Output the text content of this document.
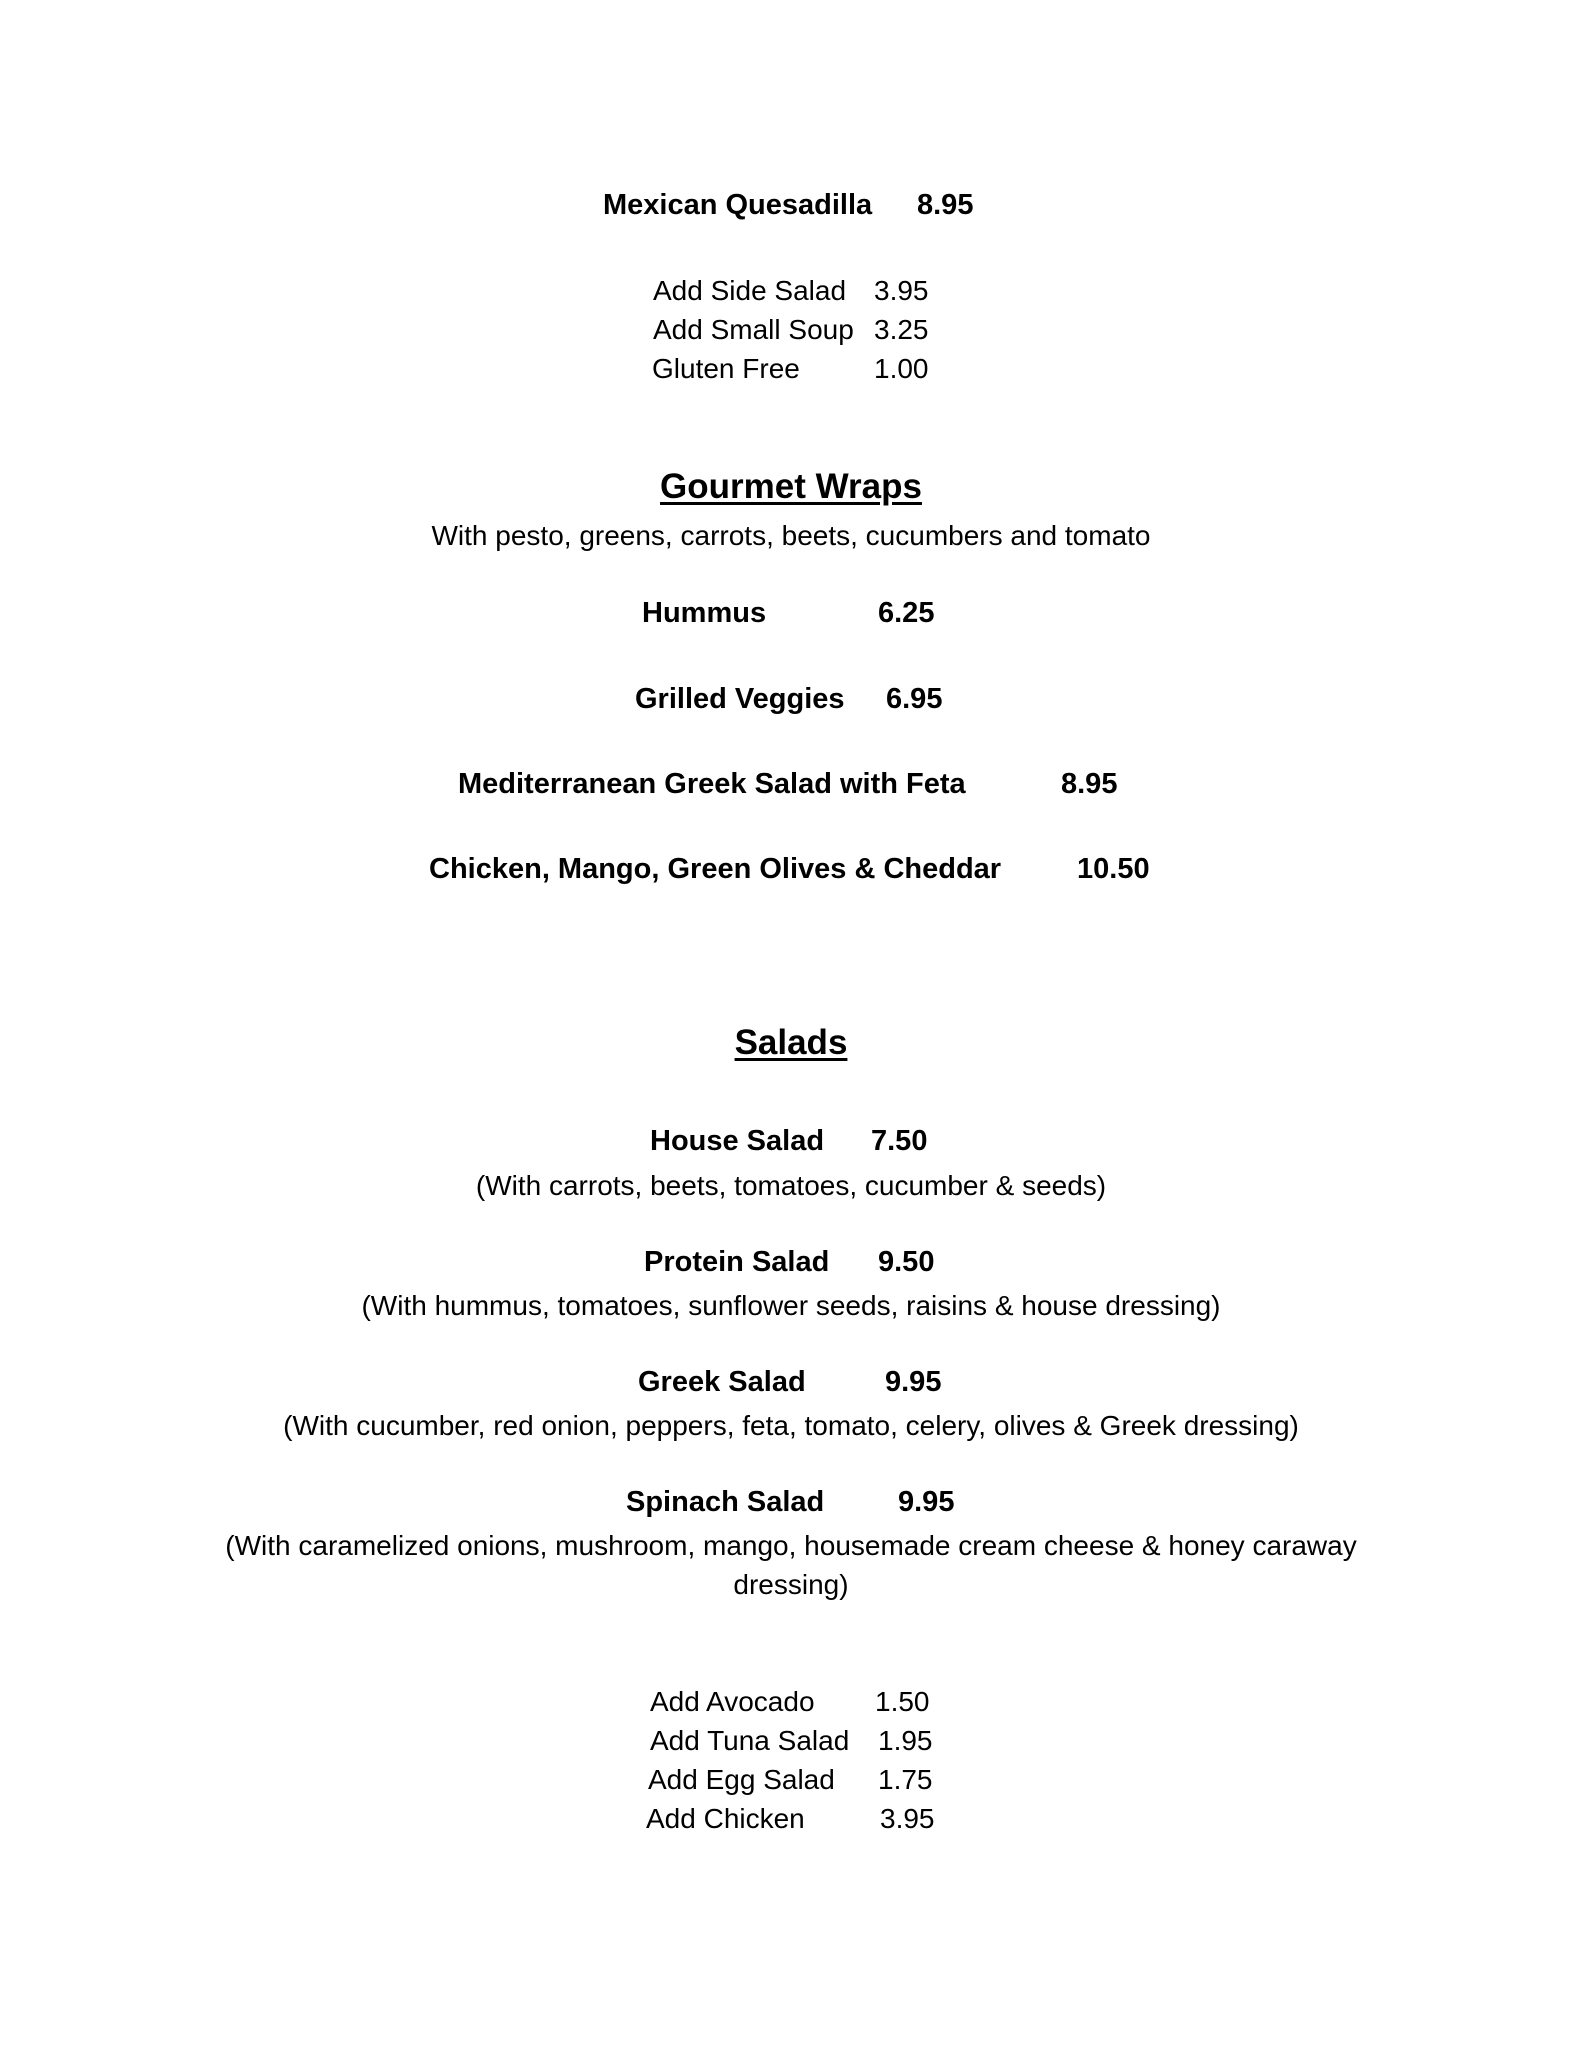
Mexican Quesadilla 8.95
Add Side Salad 3.95
Add Small Soup 3.25
Gluten Free	1.00
Gourmet Wraps
With pesto, greens, carrots, beets, cucumbers and tomato
Hummus	6.25
Grilled Veggies 6.95
Mediterranean Greek Salad with Feta	8.95
Chicken, Mango, Green Olives & Cheddar	10.50
Salads
House Salad 7.50
(With carrots, beets, tomatoes, cucumber & seeds)
Protein Salad 9.50
(With hummus, tomatoes, sunflower seeds, raisins & house dressing)
Greek Salad	9.95
(With cucumber, red onion, peppers, feta, tomato, celery, olives & Greek dressing)
Spinach Salad	9.95
(With caramelized onions, mushroom, mango, housemade cream cheese & honey caraway
dressing)
Add Avocado 1.50
Add Tuna Salad 1.95
Add Egg Salad 1.75
Add Chicken	3.95
